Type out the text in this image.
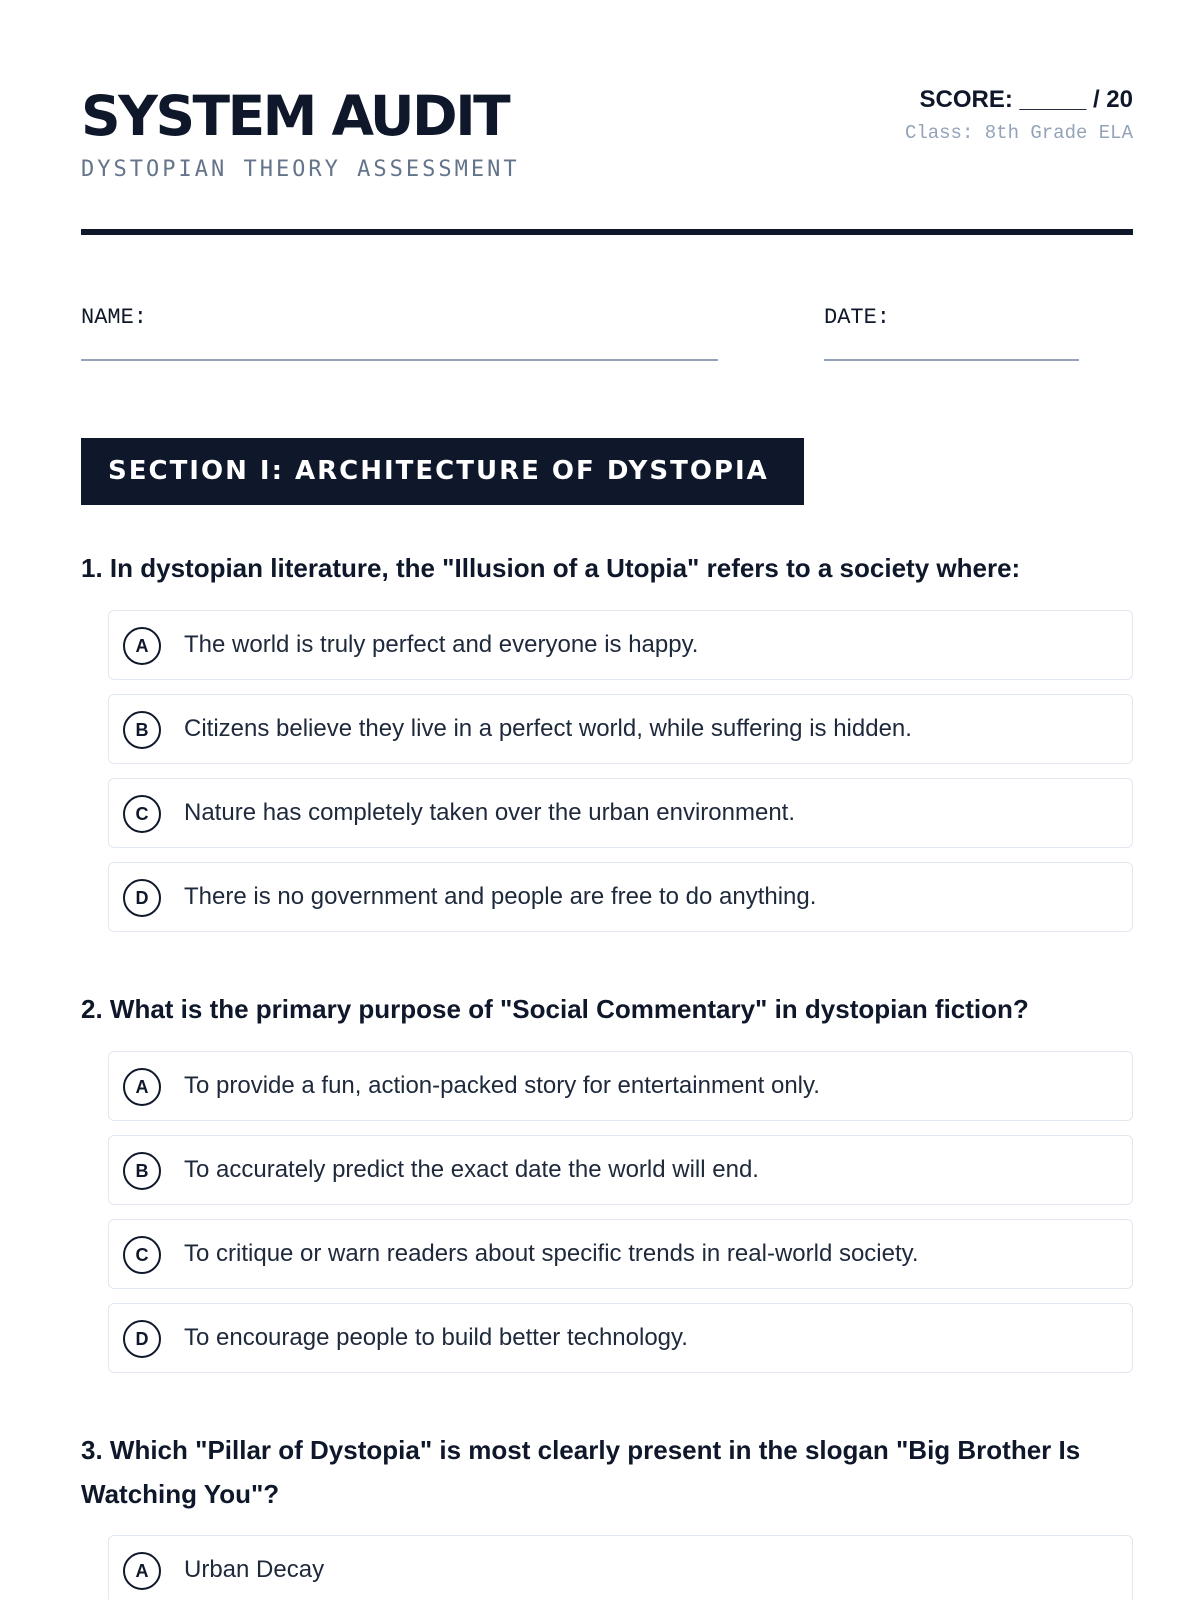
SYSTEM AUDIT
DYSTOPIAN THEORY ASSESSMENT
SCORE: _____ / 20
Class: 8th Grade ELA
NAME:	DATE:
SECTION I: ARCHITECTURE OF DYSTOPIA
1. In dystopian literature, the "Illusion of a Utopia" refers to a society where:
A	The world is truly perfect and everyone is happy.
B	Citizens believe they live in a perfect world, while suffering is hidden.
C	Nature has completely taken over the urban environment.
D	There is no government and people are free to do anything.
2. What is the primary purpose of "Social Commentary" in dystopian fiction?
A	To provide a fun, action-packed story for entertainment only.
B	To accurately predict the exact date the world will end.
C	To critique or warn readers about specific trends in real-world society.
D	To encourage people to build better technology.
3. Which "Pillar of Dystopia" is most clearly present in the slogan "Big Brother Is Watching You"?
A	Urban Decay
